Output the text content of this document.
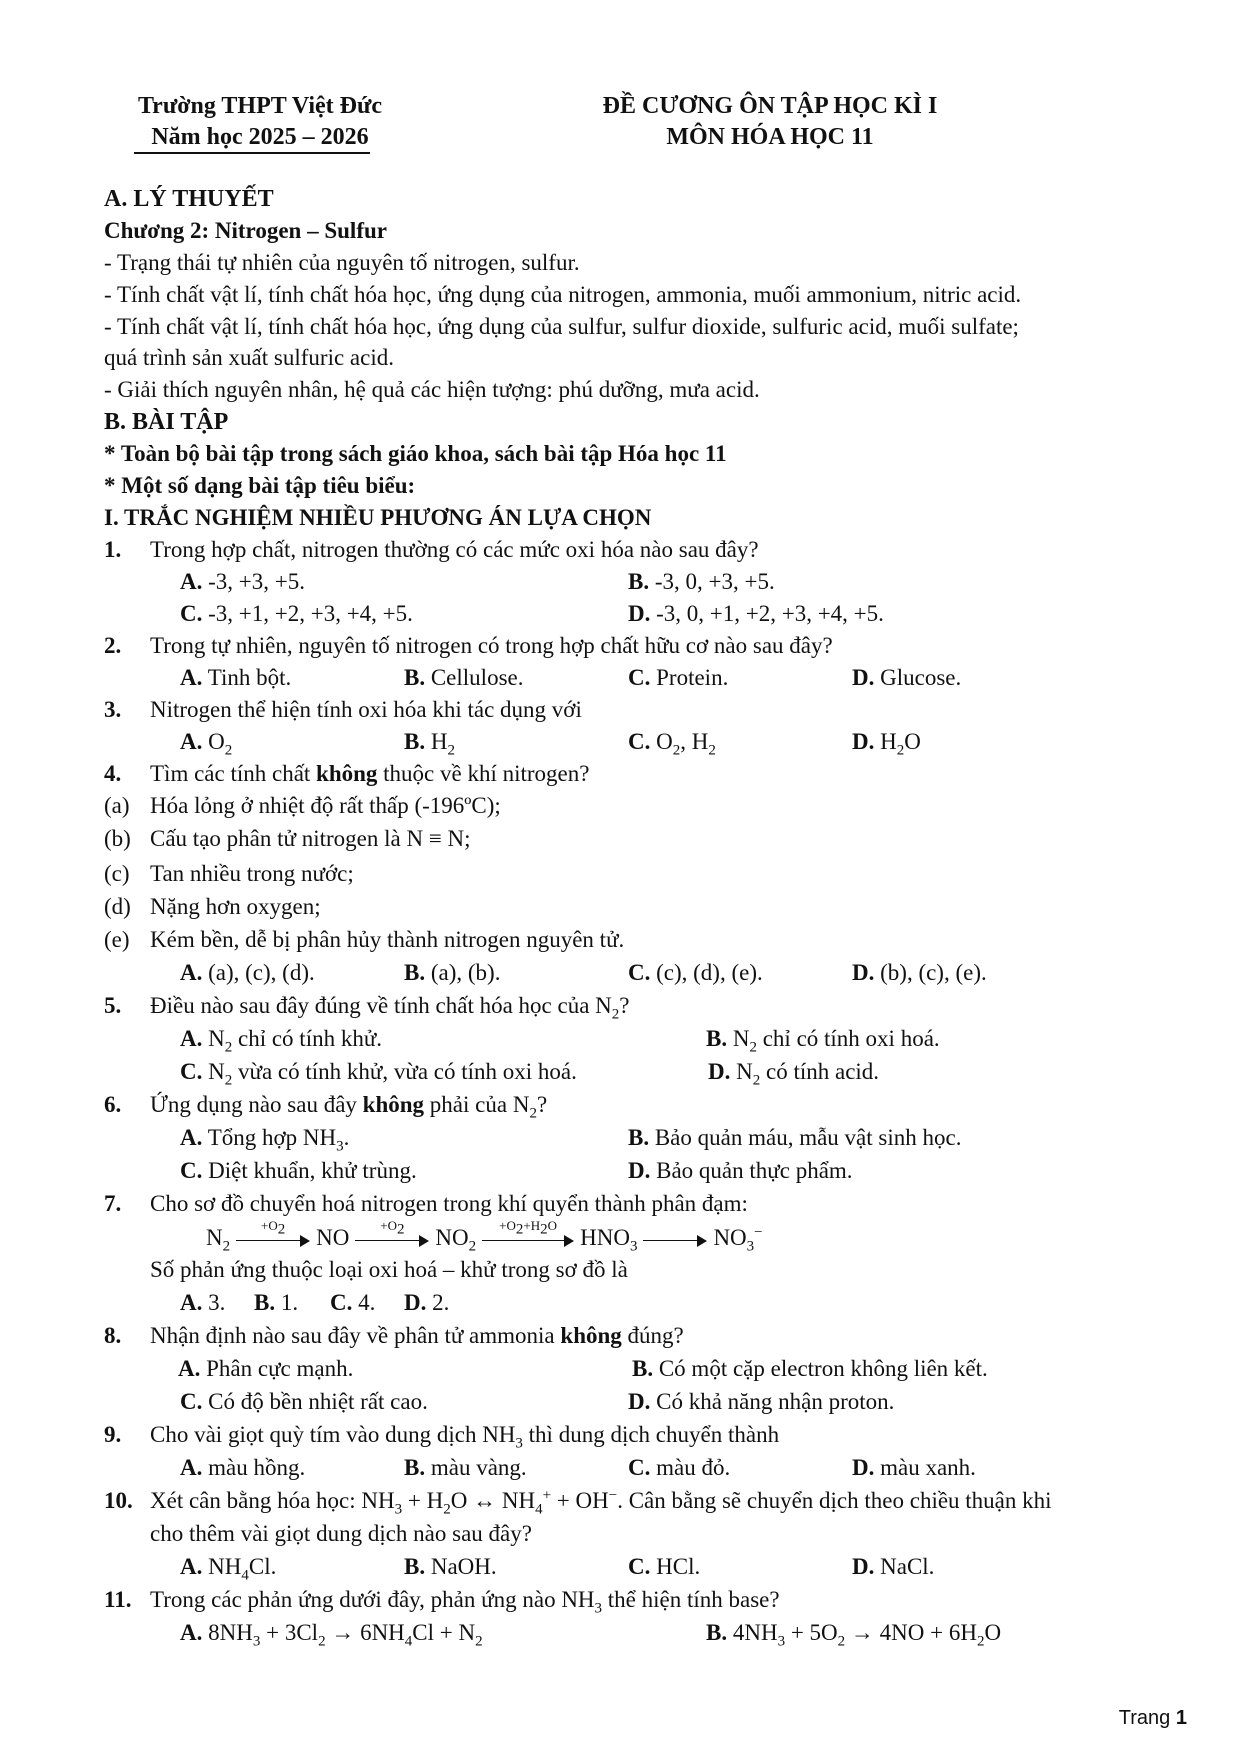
Trường THPT Việt Đức
Năm học 2025 – 2026
ĐỀ CƯƠNG ÔN TẬP HỌC KÌ I
MÔN HÓA HỌC 11
A. LÝ THUYẾT
Chương 2: Nitrogen – Sulfur
- Trạng thái tự nhiên của nguyên tố nitrogen, sulfur.
- Tính chất vật lí, tính chất hóa học, ứng dụng của nitrogen, ammonia, muối ammonium, nitric acid.
- Tính chất vật lí, tính chất hóa học, ứng dụng của sulfur, sulfur dioxide, sulfuric acid, muối sulfate;
quá trình sản xuất sulfuric acid.
- Giải thích nguyên nhân, hệ quả các hiện tượng: phú dưỡng, mưa acid.
B. BÀI TẬP
* Toàn bộ bài tập trong sách giáo khoa, sách bài tập Hóa học 11
* Một số dạng bài tập tiêu biểu:
I. TRẮC NGHIỆM NHIỀU PHƯƠNG ÁN LỰA CHỌN
1. Trong hợp chất, nitrogen thường có các mức oxi hóa nào sau đây?
A. -3, +3, +5.	B. -3, 0, +3, +5.
C. -3, +1, +2, +3, +4, +5.	D. -3, 0, +1, +2, +3, +4, +5.
2. Trong tự nhiên, nguyên tố nitrogen có trong hợp chất hữu cơ nào sau đây?
A. Tinh bột.	B. Cellulose.	C. Protein.	D. Glucose.
3. Nitrogen thể hiện tính oxi hóa khi tác dụng với
A. $O_2$	B. $H_2$	C. $O_2$, $H_2$	D. $H_2O$
4. Tìm các tính chất không thuộc về khí nitrogen?
(a) Hóa lỏng ở nhiệt độ rất thấp (-196ºC);
(b) Cấu tạo phân tử nitrogen là N ≡ N;
(c) Tan nhiều trong nước;
(d) Nặng hơn oxygen;
(e) Kém bền, dễ bị phân hủy thành nitrogen nguyên tử.
A. (a), (c), (d).	B. (a), (b).	C. (c), (d), (e).	D. (b), (c), (e).
5. Điều nào sau đây đúng về tính chất hóa học của $N_2$?
A. $N_2$ chỉ có tính khử.	B. $N_2$ chỉ có tính oxi hoá.
C. $N_2$ vừa có tính khử, vừa có tính oxi hoá.	D. $N_2$ có tính acid.
6. Ứng dụng nào sau đây không phải của $N_2$?
A. Tổng hợp $NH_3$.	B. Bảo quản máu, mẫu vật sinh học.
C. Diệt khuẩn, khử trùng.	D. Bảo quản thực phẩm.
7. Cho sơ đồ chuyển hoá nitrogen trong khí quyển thành phân đạm:
$N_2$
$+O_2$	NO	$+O_2$	$NO_2$
$+O_2+H_2O$	$HNO_3$	$NO_3^-$
Số phản ứng thuộc loại oxi hoá – khử trong sơ đồ là
A. 3. B. 1. C. 4. D. 2.
8. Nhận định nào sau đây về phân tử ammonia không đúng?
A. Phân cực mạnh.	B. Có một cặp electron không liên kết.
C. Có độ bền nhiệt rất cao.	D. Có khả năng nhận proton.
9. Cho vài giọt quỳ tím vào dung dịch $NH_3$ thì dung dịch chuyển thành
A. màu hồng.	B. màu vàng.	C. màu đỏ.	D. màu xanh.
10. Xét cân bằng hóa học: $NH_3 + H_2O$ ↔ $NH_4^+ + OH^-$. Cân bằng sẽ chuyển dịch theo chiều thuận khi
cho thêm vài giọt dung dịch nào sau đây?
A. $NH_4Cl$.	B. NaOH.	C. HCl.	D. NaCl.
11. Trong các phản ứng dưới đây, phản ứng nào $NH_3$ thể hiện tính base?
A. $8NH_3 + 3Cl_2 \to 6NH_4Cl + N_2$	B. $4NH_3 + 5O_2 \to 4NO + 6H_2O$
Trang 1
